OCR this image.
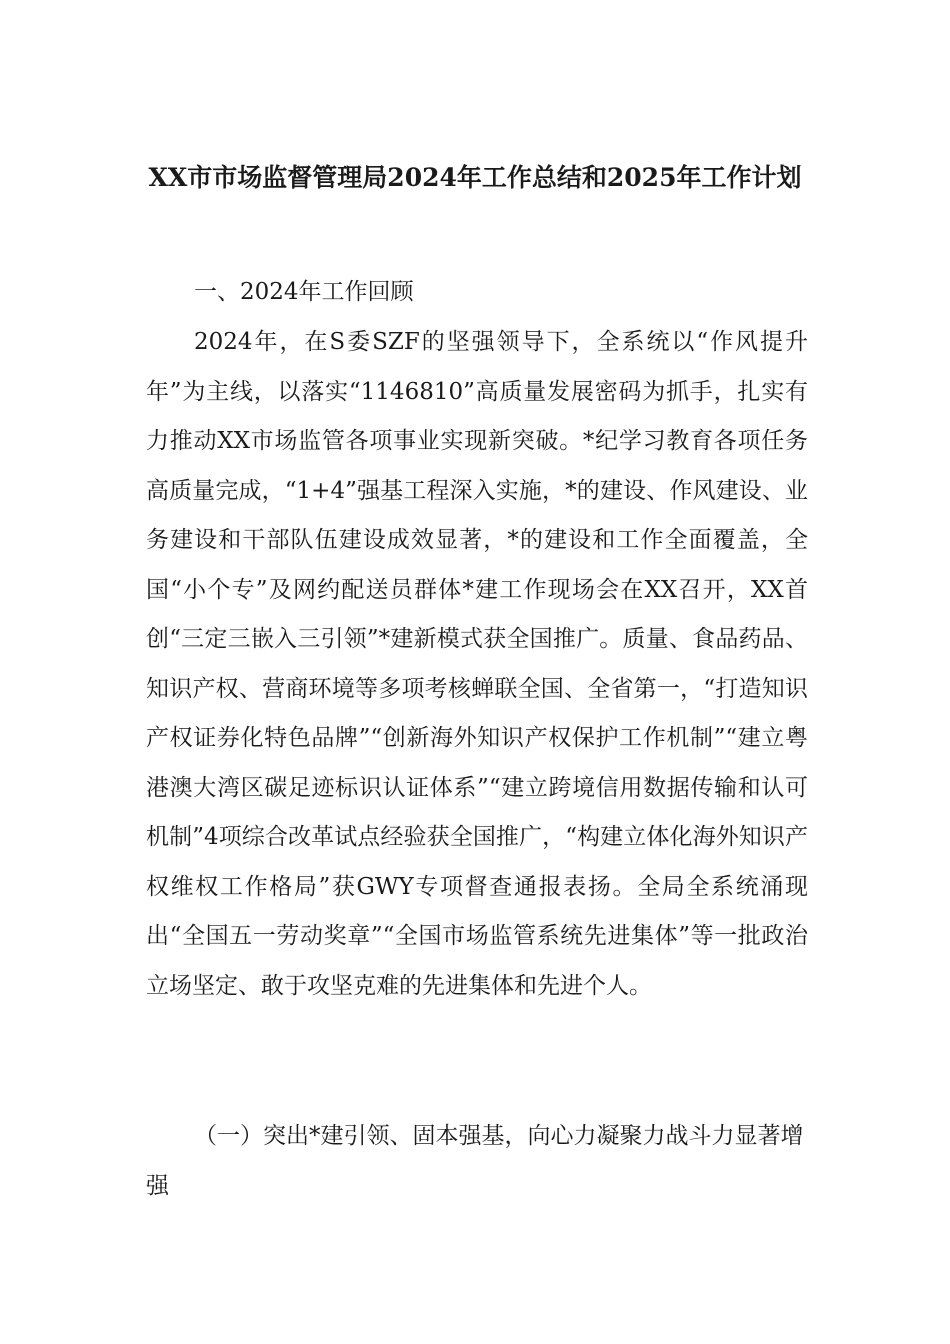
XX市市场监督管理局2024年工作总结和2025年工作计划
一、2024年工作回顾
2024年，在S委SZF的坚强领导下，全系统以“作风提升年”为主线，以落实“1146810”高质量发展密码为抓手，扎实有力推动XX市场监管各项事业实现新突破。*纪学习教育各项任务高质量完成，“1+4”强基工程深入实施，*的建设、作风建设、业务建设和干部队伍建设成效显著，*的建设和工作全面覆盖，全国“小个专”及网约配送员群体*建工作现场会在XX召开，XX首创“三定三嵌入三引领”*建新模式获全国推广。质量、食品药品、知识产权、营商环境等多项考核蝉联全国、全省第一，“打造知识产权证券化特色品牌”“创新海外知识产权保护工作机制”“建立粤港澳大湾区碳足迹标识认证体系”“建立跨境信用数据传输和认可机制”4项综合改革试点经验获全国推广，“构建立体化海外知识产权维权工作格局”获GWY专项督查通报表扬。全局全系统涌现出“全国五一劳动奖章”“全国市场监管系统先进集体”等一批政治立场坚定、敢于攻坚克难的先进集体和先进个人。
（一）突出*建引领、固本强基，向心力凝聚力战斗力显著增强
